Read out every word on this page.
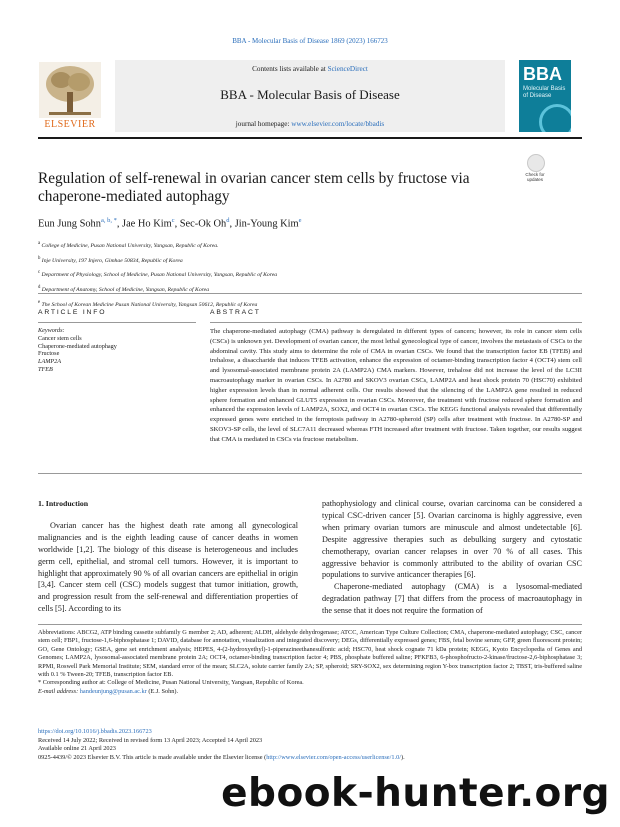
BBA - Molecular Basis of Disease 1869 (2023) 166723
ELSEVIER
Contents lists available at ScienceDirect
BBA - Molecular Basis of Disease
journal homepage: www.elsevier.com/locate/bbadis
BBA
Molecular Basis of Disease
Regulation of self-renewal in ovarian cancer stem cells by fructose via chaperone-mediated autophagy
Check for updates
Eun Jung Sohn$^{a, b, *}$, Jae Ho Kim$^c$, Sec-Ok Oh$^d$, Jin-Young Kim$^e$
$^a$ College of Medicine, Pusan National University, Yangsan, Republic of Korea.
$^b$ Inje University, 197 Injero, Gimhae 50834, Republic of Korea
$^c$ Department of Physiology, School of Medicine, Pusan National University, Yangsan, Republic of Korea
$^d$ Department of Anatomy, School of Medicine, Yangsan, Republic of Korea
$^e$ The School of Korean Medicine Pusan National University, Yangsan 50612, Republic of Korea
ARTICLE INFO	ABSTRACT
Keywords:
Cancer stem cells
Chaperone-mediated autophagy
Fructose
LAMP2A
TFEB
The chaperone-mediated autophagy (CMA) pathway is deregulated in different types of cancers; however, its role in cancer stem cells (CSCs) is unknown yet. Development of ovarian cancer, the most lethal gynecological type of cancer, involves the metastasis of CSCs to the abdominal cavity. This study aims to determine the role of CMA in ovarian CSCs. We found that the transcription factor EB (TFEB) and trehalose, a disaccharide that induces TFEB activation, enhance the expression of octamer-binding transcription factor 4 (OCT4) stem cell and lysosomal-associated membrane protein 2A (LAMP2A) CMA markers. However, trehalose did not increase the level of the LC3II macroautophagy marker in ovarian CSCs. In A2780 and SKOV3 ovarian CSCs, LAMP2A and heat shock protein 70 (HSC70) exhibited higher expression levels than in normal adherent cells. Our results showed that the silencing of the LAMP2A gene resulted in reduced sphere formation and enhanced GLUT5 expression in ovarian CSCs. Moreover, the treatment with fructose reduced sphere formation and enhanced the expression levels of LAMP2A, SOX2, and OCT4 in ovarian CSCs. The KEGG functional analysis revealed that differentially expressed genes were enriched in the ferroptosis pathway in A2780-spheroid (SP) cells after treatment with fructose. In A2780-SP and SKOV3-SP cells, the level of SLC7A11 decreased whereas FTH increased after treatment with fructose. Taken together, our results suggest that CMA is mediated in CSCs via fructose metabolism.
1. Introduction
Ovarian cancer has the highest death rate among all gynecological malignancies and is the eighth leading cause of cancer deaths in women worldwide [1,2]. The biology of this disease is heterogeneous and includes germ cell, epithelial, and stromal cell tumors. However, it is important to highlight that approximately 90 % of all ovarian cancers are epithelial in origin [3,4]. Cancer stem cell (CSC) models suggest that tumor initiation, growth, and progression result from the self-renewal and differentiation properties of cells [5]. According to its
pathophysiology and clinical course, ovarian carcinoma can be considered a typical CSC-driven cancer [5]. Ovarian carcinoma is highly aggressive, even when primary ovarian tumors are minuscule and almost undetectable [6]. Despite aggressive therapies such as debulking surgery and cytostatic chemotherapy, ovarian cancer relapses in over 70 % of all cases. This aggressive behavior is commonly attributed to the ability of ovarian CSC populations to survive anticancer therapies [6].
Chaperone-mediated autophagy (CMA) is a lysosomal-mediated degradation pathway [7] that differs from the process of macroautophagy in the sense that it does not require the formation of
Abbreviations: ABCG2, ATP binding cassette subfamily G member 2; AD, adherent; ALDH, aldehyde dehydrogenase; ATCC, American Type Culture Collection; CMA, chaperone-mediated autophagy; CSC, cancer stem cell; FBP1, fructose-1,6-biphosphatase 1; DAVID, database for annotation, visualization and integrated discovery; DEGs, differentially expressed genes; FBS, fetal bovine serum; GFP, green fluorescent protein; GO, Gene Ontology; GSEA, gene set enrichment analysis; HEPES, 4-(2-hydroxyethyl)-1-piperazineethanesulfonic acid; HSC70, heat shock cognate 71 kDa protein; KEGG, Kyoto Encyclopedia of Genes and Genomes; LAMP2A, lysosomal-associated membrane protein 2A; OCT4, octamer-binding transcription factor 4; PBS, phosphate buffered saline; PFKFB3, 6-phosphofructo-2-kinase/fructose-2,6-biphosphatase 3; RPMI, Roswell Park Memorial Institute; SEM, standard error of the mean; SLC2A, solute carrier family 2A; SP, spheroid; SRY-SOX2, sex determining region Y-box transcription factor 2; TBST, tris-buffered saline with 0.1 % Tween-20; TFEB, transcription factor EB.
* Corresponding author at: College of Medicine, Pusan National University, Yangsan, Republic of Korea.
E-mail address: handeunjung@pusan.ac.kr (E.J. Sohn).
https://doi.org/10.1016/j.bbadis.2023.166723
Received 14 July 2022; Received in revised form 13 April 2023; Accepted 14 April 2023
Available online 21 April 2023
0925-4439/© 2023 Elsevier B.V. This article is made available under the Elsevier license (http://www.elsevier.com/open-access/userlicense/1.0/).
ebook-hunter.org
